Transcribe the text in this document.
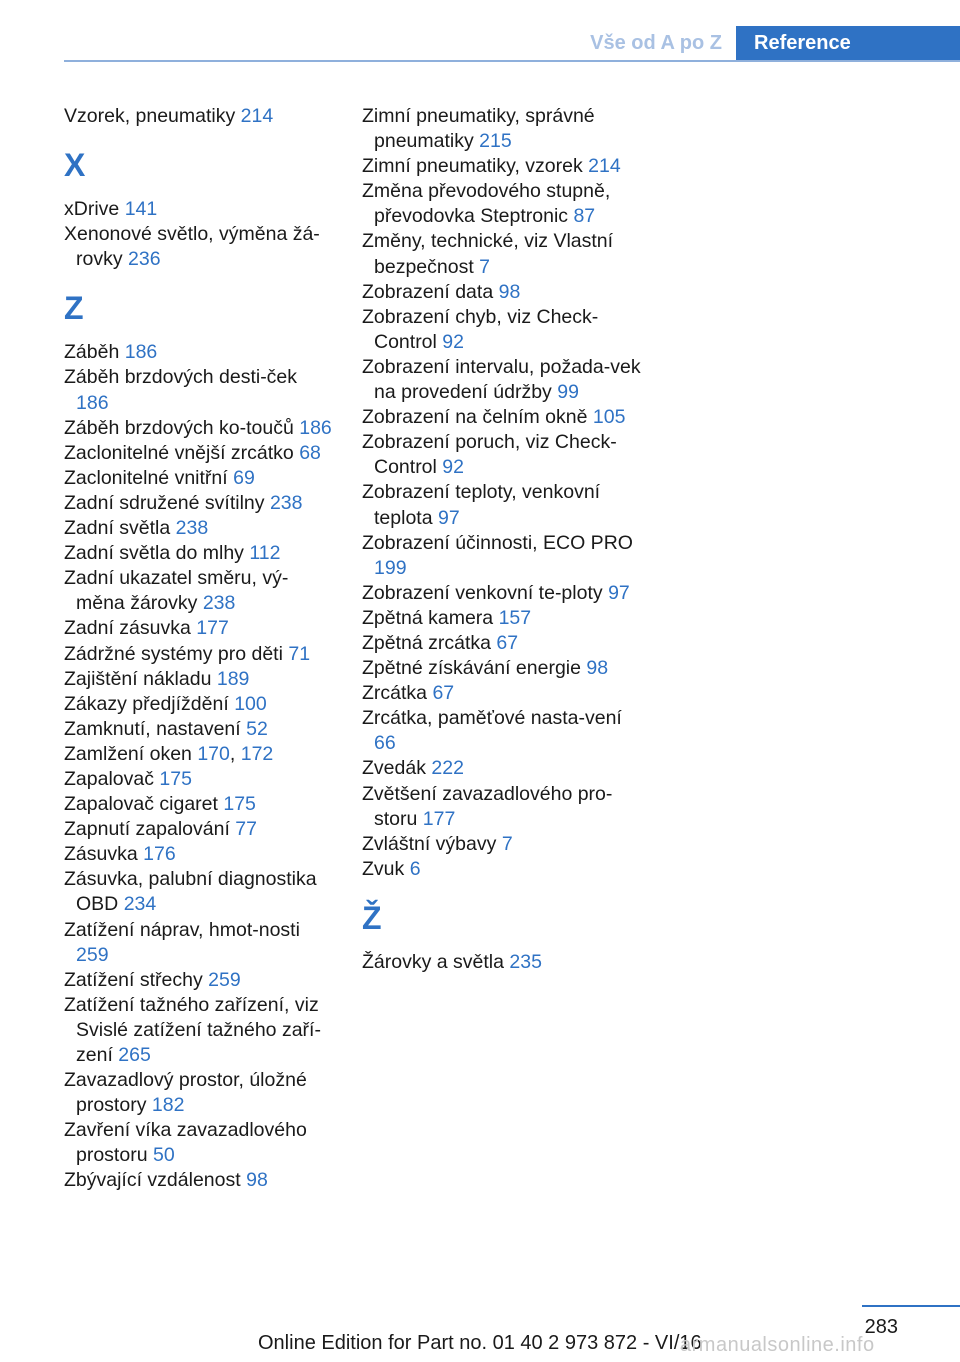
Vše od A po Z	Reference
Vzorek, pneumatiky 214
X
xDrive 141
Xenonové světlo, výměna žá‐rovky 236
Z
Záběh 186
Záběh brzdových desti‐ček 186
Záběh brzdových ko‐toučů 186
Zaclonitelné vnější zrcátko 68
Zaclonitelné vnitřní 69
Zadní sdružené svítilny 238
Zadní světla 238
Zadní světla do mlhy 112
Zadní ukazatel směru, vý‐měna žárovky 238
Zadní zásuvka 177
Zádržné systémy pro děti 71
Zajištění nákladu 189
Zákazy předjíždění 100
Zamknutí, nastavení 52
Zamlžení oken 170, 172
Zapalovač 175
Zapalovač cigaret 175
Zapnutí zapalování 77
Zásuvka 176
Zásuvka, palubní diagnostika OBD 234
Zatížení náprav, hmot‐nosti 259
Zatížení střechy 259
Zatížení tažného zařízení, viz Svislé zatížení tažného zaří‐zení 265
Zavazadlový prostor, úložné prostory 182
Zavření víka zavazadlového prostoru 50
Zbývající vzdálenost 98
Zimní pneumatiky, správné pneumatiky 215
Zimní pneumatiky, vzorek 214
Změna převodového stupně, převodovka Steptronic 87
Změny, technické, viz Vlastní bezpečnost 7
Zobrazení data 98
Zobrazení chyb, viz Check-Control 92
Zobrazení intervalu, požada‐vek na provedení údržby 99
Zobrazení na čelním okně 105
Zobrazení poruch, viz Check-Control 92
Zobrazení teploty, venkovní teplota 97
Zobrazení účinnosti, ECO PRO 199
Zobrazení venkovní te‐ploty 97
Zpětná kamera 157
Zpětná zrcátka 67
Zpětné získávání energie 98
Zrcátka 67
Zrcátka, paměťové nasta‐vení 66
Zvedák 222
Zvětšení zavazadlového pro‐storu 177
Zvláštní výbavy 7
Zvuk 6
Ž
Žárovky a světla 235
283
Online Edition for Part no. 01 40 2 973 872 - VI/16
armanualsonline.info
